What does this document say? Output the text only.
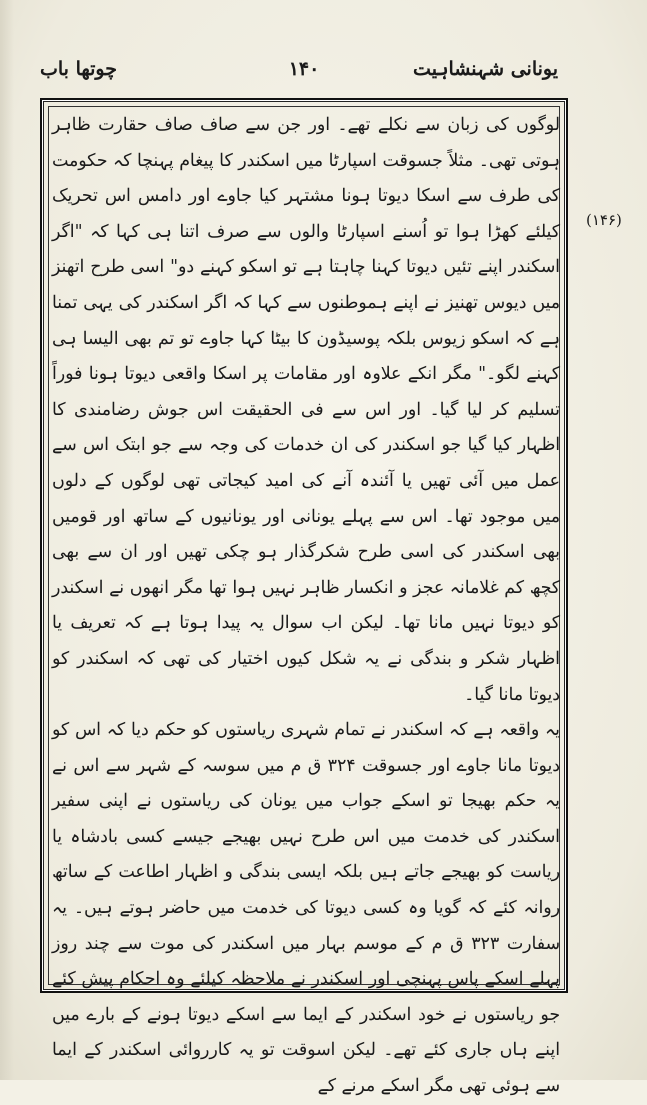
یونانی شہنشاہیت
۱۴۰
چوتھا باب

لوگوں کی زبان سے نکلے تھے۔ اور جن سے صاف صاف حقارت ظاہر ہوتی تھی۔ مثلاً جسوقت اسپارٹا میں اسکندر کا پیغام پہنچا کہ حکومت کی طرف سے اسکا دیوتا ہونا مشتہر کیا جاوے اور دامس اس تحریک کیلئے کھڑا ہوا تو اُسنے اسپارٹا والوں سے صرف اتنا ہی کہا کہ "اگر اسکندر اپنے تئیں دیوتا کہنا چاہتا ہے تو اسکو کہنے دو" اسی طرح اتھنز میں دیوس تھنیز نے اپنے ہموطنوں سے کہا کہ اگر اسکندر کی یہی تمنا ہے کہ اسکو زیوس بلکہ پوسیڈون کا بیٹا کہا جاوے تو تم بھی الیسا ہی کہنے لگو۔" مگر انکے علاوہ اور مقامات پر اسکا واقعی دیوتا ہونا فوراً تسلیم کر لیا گیا۔ اور اس سے فی الحقیقت اس جوش رضامندی کا اظہار کیا گیا جو اسکندر کی ان خدمات کی وجہ سے جو ابتک اس سے عمل میں آئی تھیں یا آئندہ آنے کی امید کیجاتی تھی لوگوں کے دلوں میں موجود تھا۔ اس سے پہلے یونانی اور یونانیوں کے ساتھ اور قومیں بھی اسکندر کی اسی طرح شکرگذار ہو چکی تھیں اور ان سے بھی کچھ کم غلامانہ عجز و انکسار ظاہر نہیں ہوا تھا مگر انھوں نے اسکندر کو دیوتا نہیں مانا تھا۔ لیکن اب سوال یہ پیدا ہوتا ہے کہ تعریف یا اظہار شکر و بندگی نے یہ شکل کیوں اختیار کی تھی کہ اسکندر کو دیوتا مانا گیا۔

یہ واقعہ ہے کہ اسکندر نے تمام شہری ریاستوں کو حکم دیا کہ اس کو دیوتا مانا جاوے اور جسوقت ۳۲۴ ق م میں سوسہ کے شہر سے اس نے یہ حکم بھیجا تو اسکے جواب میں یونان کی ریاستوں نے اپنی سفیر اسکندر کی خدمت میں اس طرح نہیں بھیجے جیسے کسی بادشاہ یا ریاست کو بھیجے جاتے ہیں بلکہ ایسی بندگی و اظہار اطاعت کے ساتھ روانہ کئے کہ گویا وہ کسی دیوتا کی خدمت میں حاضر ہوتے ہیں۔ یہ سفارت ۳۲۳ ق م کے موسم بہار میں اسکندر کی موت سے چند روز پہلے اسکے پاس پہنچی اور اسکندر نے ملاحظہ کیلئے وہ احکام پیش کئے جو ریاستوں نے خود اسکندر کے ایما سے اسکے دیوتا ہونے کے بارے میں اپنے ہاں جاری کئے تھے۔ لیکن اسوقت تو یہ کارروائی اسکندر کے ایما سے ہوئی تھی مگر اسکے مرنے کے

(۱۴۶)
